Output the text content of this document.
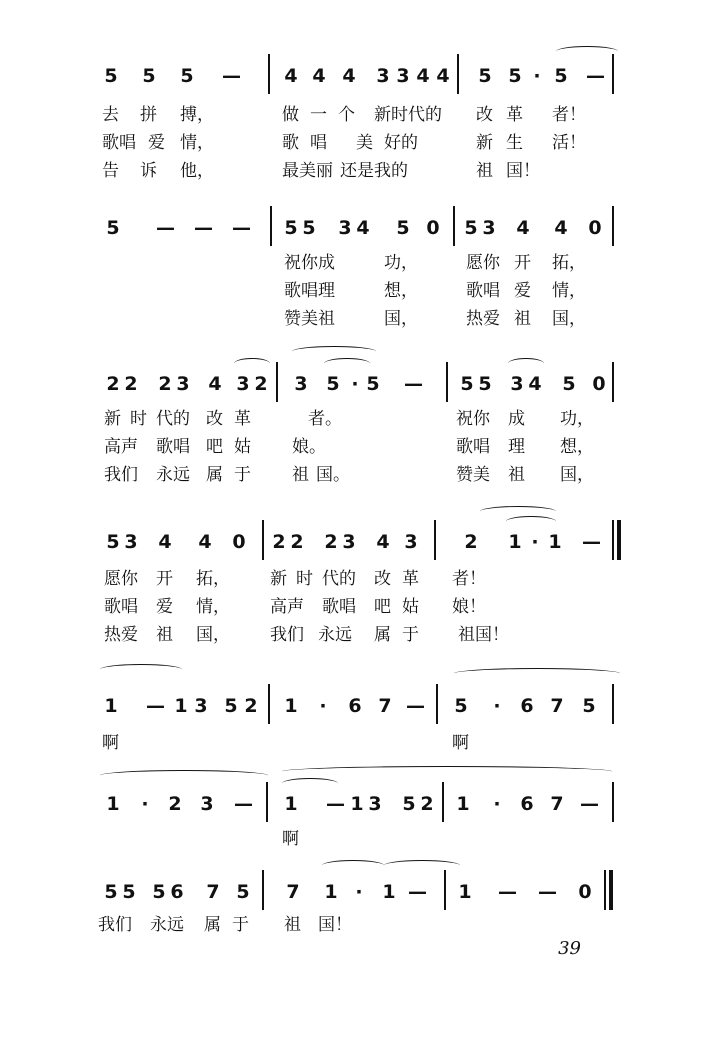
5 5 5 — 4 4 4 3 3 4 4 5 5 · 5 —
去 拼 搏，	做 一 个 新时代的 改 革 者！
歌唱 爱 情，	歌 唱 美 好的	新 生 活！
告 诉 他，	最美丽 还是我的	祖 国！
5 — — — 5 5 3 4 5 0 5 3 4 4 0
祝你成	功，	愿你 开 拓，
歌唱理	想，	歌唱 爱 情，
赞美祖	国，	热爱 祖 国，
2 2 2 3 4 3 2 3 5 · 5 — 5 5 3 4 5 0
新 时 代的 改 革	者。	祝你 成 功，
高声 歌唱 吧 姑 娘。	歌唱 理 想，
我们 永远 属 于 祖 国。	赞美 祖 国，
5 3 4 4 0 2 2 2 3 4 3 2 1 · 1 —
愿你 开 拓， 新 时 代的 改 革 者！
歌唱 爱 情， 高声 歌唱 吧 姑 娘！
热爱 祖 国， 我们 永远 属 于 祖国！
1 — 1 3 5 2 1 · 6 7 — 5 · 6 7 5
啊	啊
1 · 2 3 — 1 — 1 3 5 2 1 · 6 7 —
啊
5 5 5 6 7 5 7 1 · 1 — 1 — — 0
我们 永远 属 于 祖 国！
39
